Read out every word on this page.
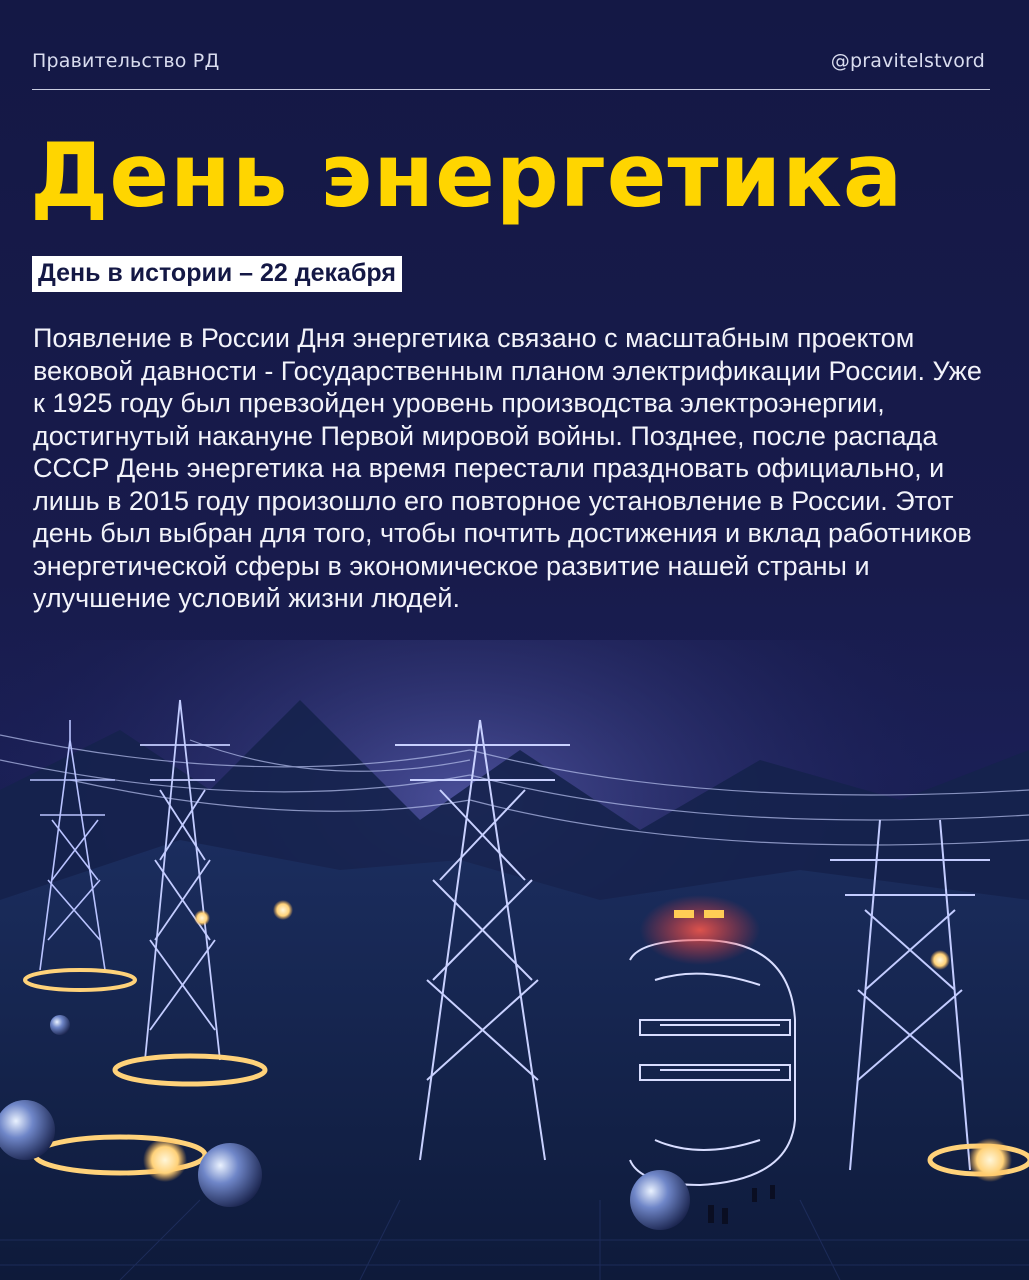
Правительство РД	@pravitelstvord
День энергетика
День в истории – 22 декабря

Появление в России Дня энергетика связано с масштабным проектом вековой давности - Государственным планом электрификации России. Уже к 1925 году был превзойден уровень производства электроэнергии, достигнутый накануне Первой мировой войны. Позднее, после распада СССР День энергетика на время перестали праздновать официально, и лишь в 2015 году произошло его повторное установление в России. Этот день был выбран для того, чтобы почтить достижения и вклад работников энергетической сферы в экономическое развитие нашей страны и улучшение условий жизни людей.
